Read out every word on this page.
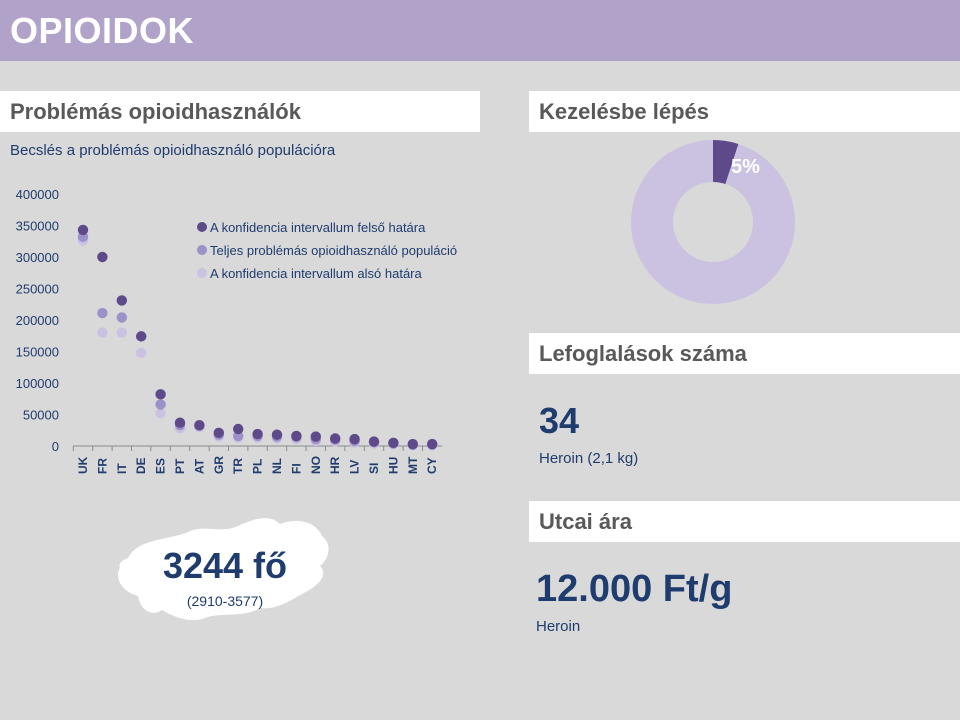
OPIOIDOK
Problémás opioidhasználók
Becslés a problémás opioidhasználó populációra
0
50000
100000
150000
200000
250000
300000
350000
400000
UK FR IT DE ES PT AT GR TR PL NL FI NO HR LV SI HU MT CY
A konfidencia intervallum felső határa
Teljes problémás opioidhasználó populáció
A konfidencia intervallum alsó határa
3244 fő
(2910-3577)
Kezelésbe lépés
5%
Lefoglalások száma
34
Heroin (2,1 kg)
Utcai ára
12.000 Ft/g
Heroin
